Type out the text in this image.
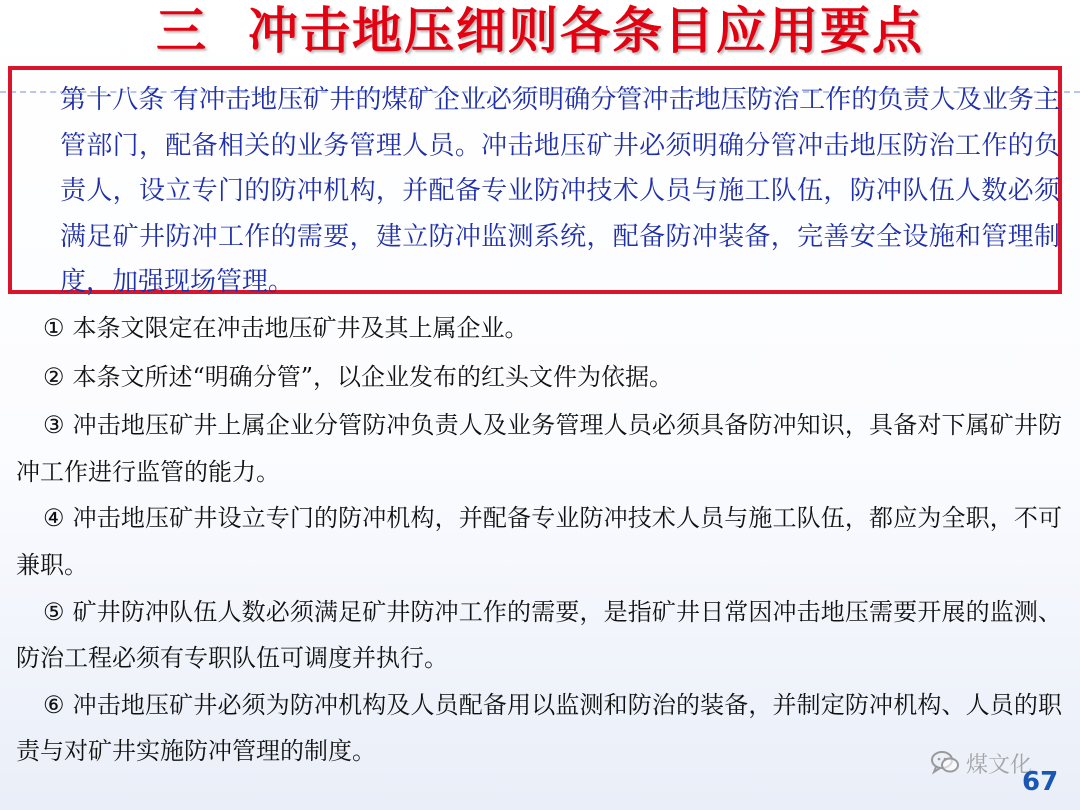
三 冲击地压细则各条目应用要点
第十八条 有冲击地压矿井的煤矿企业必须明确分管冲击地压防治工作的负责人及业务主管部门，配备相关的业务管理人员。冲击地压矿井必须明确分管冲击地压防治工作的负责人，设立专门的防冲机构，并配备专业防冲技术人员与施工队伍，防冲队伍人数必须满足矿井防冲工作的需要，建立防冲监测系统，配备防冲装备，完善安全设施和管理制度，加强现场管理。
① 本条文限定在冲击地压矿井及其上属企业。
② 本条文所述“明确分管”，以企业发布的红头文件为依据。
③ 冲击地压矿井上属企业分管防冲负责人及业务管理人员必须具备防冲知识，具备对下属矿井防冲工作进行监管的能力。
④ 冲击地压矿井设立专门的防冲机构，并配备专业防冲技术人员与施工队伍，都应为全职，不可兼职。
⑤ 矿井防冲队伍人数必须满足矿井防冲工作的需要，是指矿井日常因冲击地压需要开展的监测、防治工程必须有专职队伍可调度并执行。
⑥ 冲击地压矿井必须为防冲机构及人员配备用以监测和防治的装备，并制定防冲机构、人员的职责与对矿井实施防冲管理的制度。	煤文化
67
